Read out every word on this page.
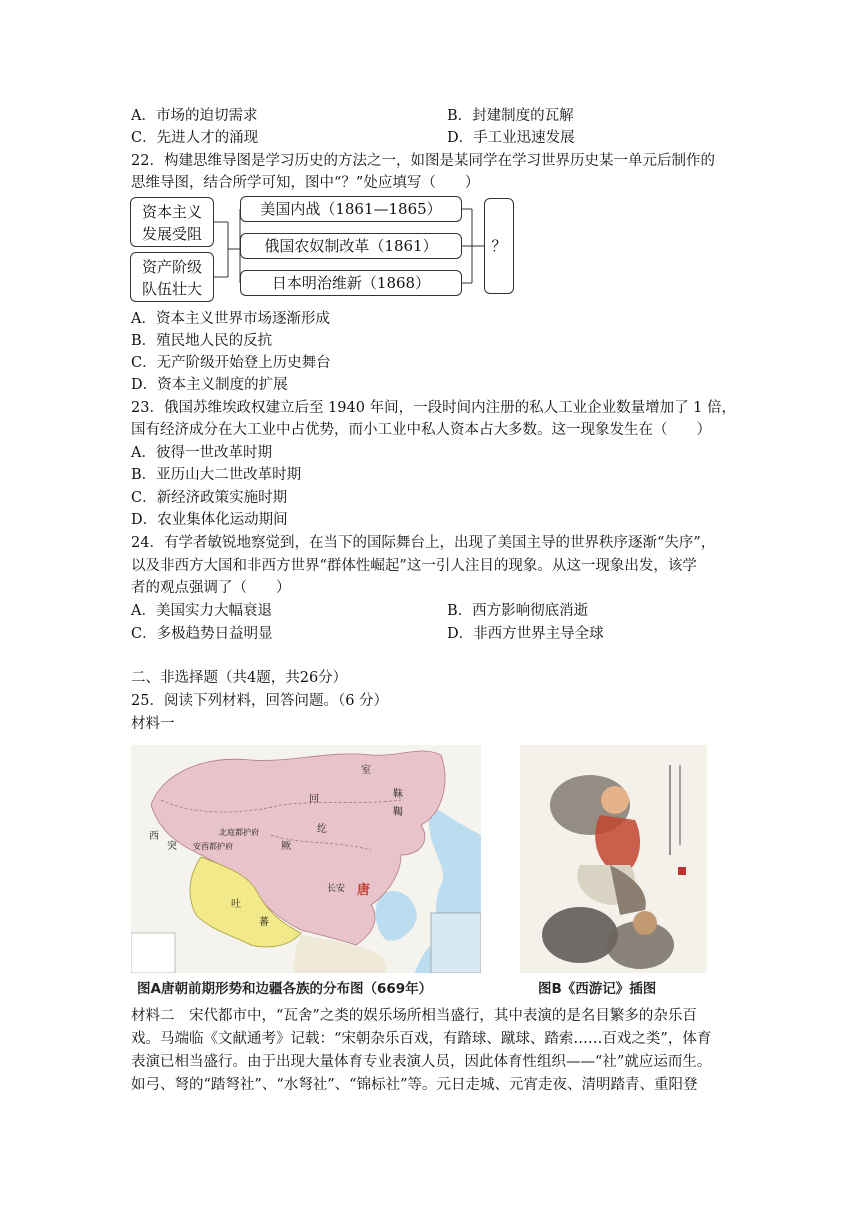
A．市场的迫切需求	B．封建制度的瓦解
C．先进人才的涌现	D．手工业迅速发展
22．构建思维导图是学习历史的方法之一，如图是某同学在学习世界历史某一单元后制作的
思维导图，结合所学可知，图中“？”处应填写（　　）
资本主义
发展受阻
资产阶级
队伍壮大
美国内战（1861—1865）
俄国农奴制改革（1861）
日本明治维新（1868）
？
A．资本主义世界市场逐渐形成
B．殖民地人民的反抗
C．无产阶级开始登上历史舞台
D．资本主义制度的扩展
23．俄国苏维埃政权建立后至 1940 年间，一段时间内注册的私人工业企业数量增加了 1 倍，
国有经济成分在大工业中占优势，而小工业中私人资本占大多数。这一现象发生在（　　）
A．彼得一世改革时期
B．亚历山大二世改革时期
C．新经济政策实施时期
D．农业集体化运动期间
24．有学者敏锐地察觉到，在当下的国际舞台上，出现了美国主导的世界秩序逐渐“失序”，
以及非西方大国和非西方世界“群体性崛起”这一引人注目的现象。从这一现象出发，该学
者的观点强调了（　　）
A．美国实力大幅衰退	B．西方影响彻底消逝
C．多极趋势日益明显	D．非西方世界主导全球
二、非选择题（共4题，共26分）
25．阅读下列材料，回答问题。（6 分）
材料一
室
靺
鞨
回
纥
北庭都护府
安西都护府
吐
蕃
长安 唐
西
突	厥
图A唐朝前期形势和边疆各族的分布图（669年）	图B《西游记》插图
材料二　宋代都市中，“瓦舍”之类的娱乐场所相当盛行，其中表演的是名目繁多的杂乐百
戏。马端临《文献通考》记载：“宋朝杂乐百戏，有踏球、蹴球、踏索……百戏之类”，体育
表演已相当盛行。由于出现大量体育专业表演人员，因此体育性组织——“社”就应运而生。
如弓、弩的“踏弩社”、“水弩社”、“锦标社”等。元日走城、元宵走夜、清明踏青、重阳登
